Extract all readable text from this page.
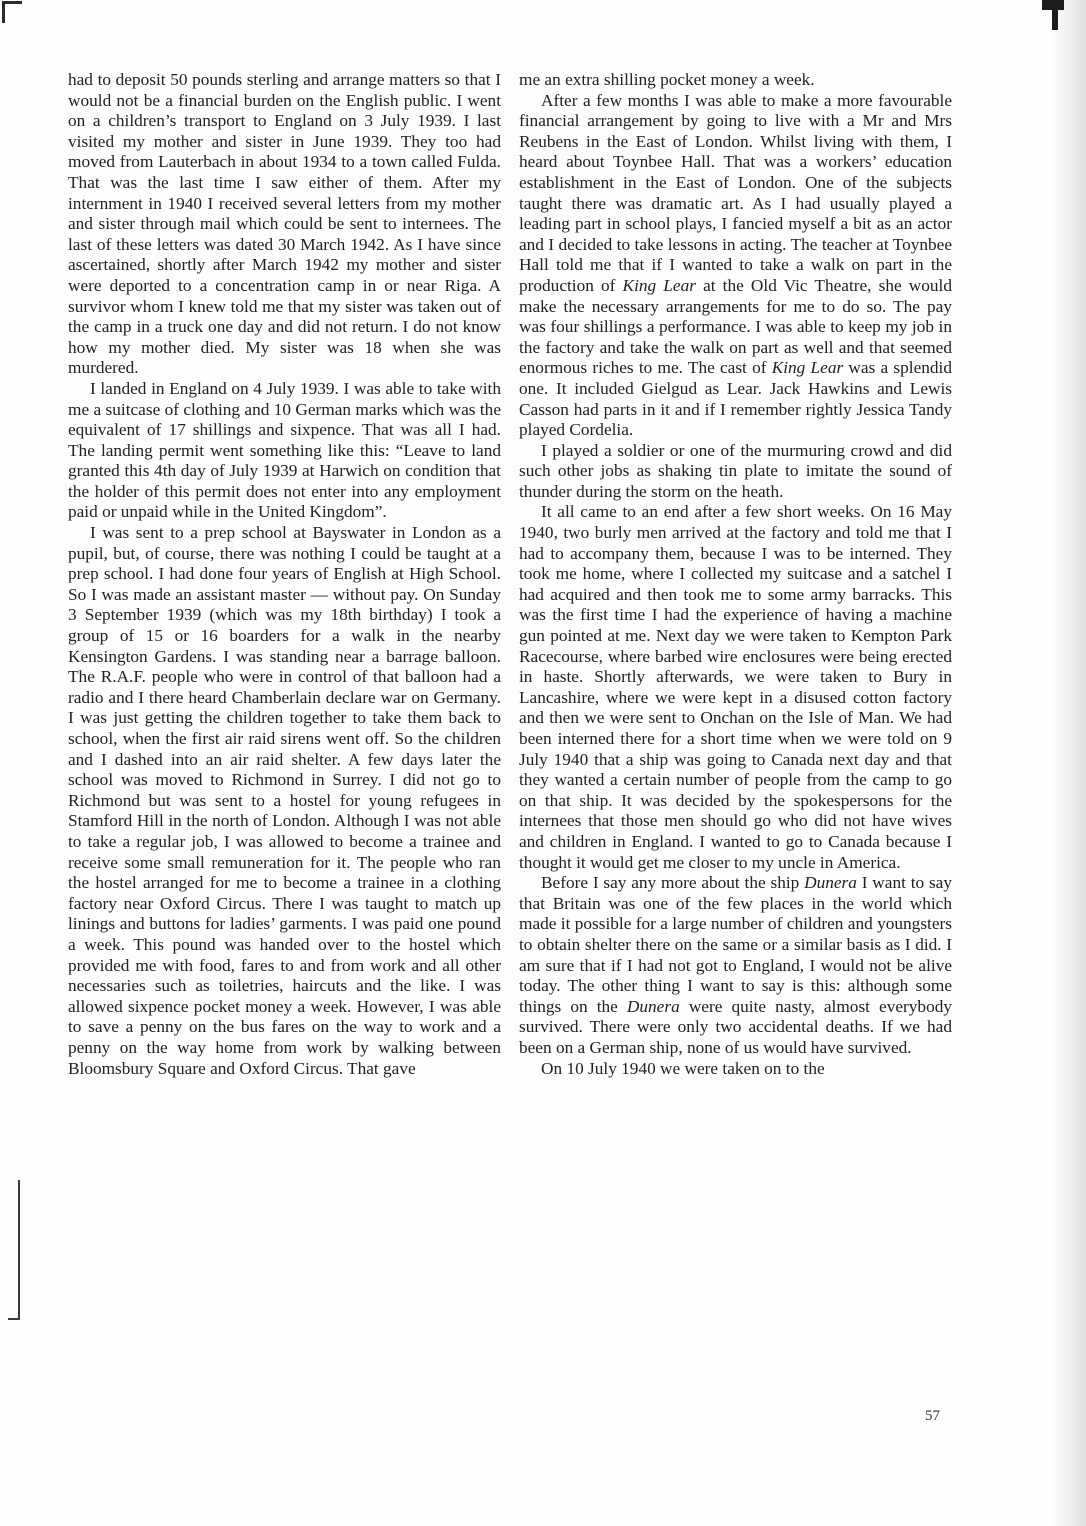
had to deposit 50 pounds sterling and arrange matters so that I would not be a financial burden on the English public. I went on a children’s transport to England on 3 July 1939. I last visited my mother and sister in June 1939. They too had moved from Lauterbach in about 1934 to a town called Fulda. That was the last time I saw either of them. After my internment in 1940 I received several letters from my mother and sister through mail which could be sent to internees. The last of these letters was dated 30 March 1942. As I have since ascertained, shortly after March 1942 my mother and sister were deported to a concentration camp in or near Riga. A survivor whom I knew told me that my sister was taken out of the camp in a truck one day and did not return. I do not know how my mother died. My sister was 18 when she was murdered.

I landed in England on 4 July 1939. I was able to take with me a suitcase of clothing and 10 German marks which was the equivalent of 17 shillings and sixpence. That was all I had. The landing permit went something like this: “Leave to land granted this 4th day of July 1939 at Harwich on condition that the holder of this permit does not enter into any employment paid or unpaid while in the United Kingdom”.

I was sent to a prep school at Bayswater in London as a pupil, but, of course, there was nothing I could be taught at a prep school. I had done four years of English at High School. So I was made an assistant master — without pay. On Sunday 3 September 1939 (which was my 18th birthday) I took a group of 15 or 16 boarders for a walk in the nearby Kensington Gardens. I was standing near a barrage balloon. The R.A.F. people who were in control of that balloon had a radio and I there heard Chamberlain declare war on Germany. I was just getting the children together to take them back to school, when the first air raid sirens went off. So the children and I dashed into an air raid shelter. A few days later the school was moved to Richmond in Surrey. I did not go to Richmond but was sent to a hostel for young refugees in Stamford Hill in the north of London. Although I was not able to take a regular job, I was allowed to become a trainee and receive some small remuneration for it. The people who ran the hostel arranged for me to become a trainee in a clothing factory near Oxford Circus. There I was taught to match up linings and buttons for ladies’ garments. I was paid one pound a week. This pound was handed over to the hostel which provided me with food, fares to and from work and all other necessaries such as toiletries, haircuts and the like. I was allowed sixpence pocket money a week. However, I was able to save a penny on the bus fares on the way to work and a penny on the way home from work by walking between Bloomsbury Square and Oxford Circus. That gave

me an extra shilling pocket money a week.

After a few months I was able to make a more favourable financial arrangement by going to live with a Mr and Mrs Reubens in the East of London. Whilst living with them, I heard about Toynbee Hall. That was a workers’ education establishment in the East of London. One of the subjects taught there was dramatic art. As I had usually played a leading part in school plays, I fancied myself a bit as an actor and I decided to take lessons in acting. The teacher at Toynbee Hall told me that if I wanted to take a walk on part in the production of King Lear at the Old Vic Theatre, she would make the necessary arrangements for me to do so. The pay was four shillings a performance. I was able to keep my job in the factory and take the walk on part as well and that seemed enormous riches to me. The cast of King Lear was a splendid one. It included Gielgud as Lear. Jack Hawkins and Lewis Casson had parts in it and if I remember rightly Jessica Tandy played Cordelia.

I played a soldier or one of the murmuring crowd and did such other jobs as shaking tin plate to imitate the sound of thunder during the storm on the heath.

It all came to an end after a few short weeks. On 16 May 1940, two burly men arrived at the factory and told me that I had to accompany them, because I was to be interned. They took me home, where I collected my suitcase and a satchel I had acquired and then took me to some army barracks. This was the first time I had the experience of having a machine gun pointed at me. Next day we were taken to Kempton Park Racecourse, where barbed wire enclosures were being erected in haste. Shortly afterwards, we were taken to Bury in Lancashire, where we were kept in a disused cotton factory and then we were sent to Onchan on the Isle of Man. We had been interned there for a short time when we were told on 9 July 1940 that a ship was going to Canada next day and that they wanted a certain number of people from the camp to go on that ship. It was decided by the spokespersons for the internees that those men should go who did not have wives and children in England. I wanted to go to Canada because I thought it would get me closer to my uncle in America.

Before I say any more about the ship Dunera I want to say that Britain was one of the few places in the world which made it possible for a large number of children and youngsters to obtain shelter there on the same or a similar basis as I did. I am sure that if I had not got to England, I would not be alive today. The other thing I want to say is this: although some things on the Dunera were quite nasty, almost everybody survived. There were only two accidental deaths. If we had been on a German ship, none of us would have survived.

On 10 July 1940 we were taken on to the

57
